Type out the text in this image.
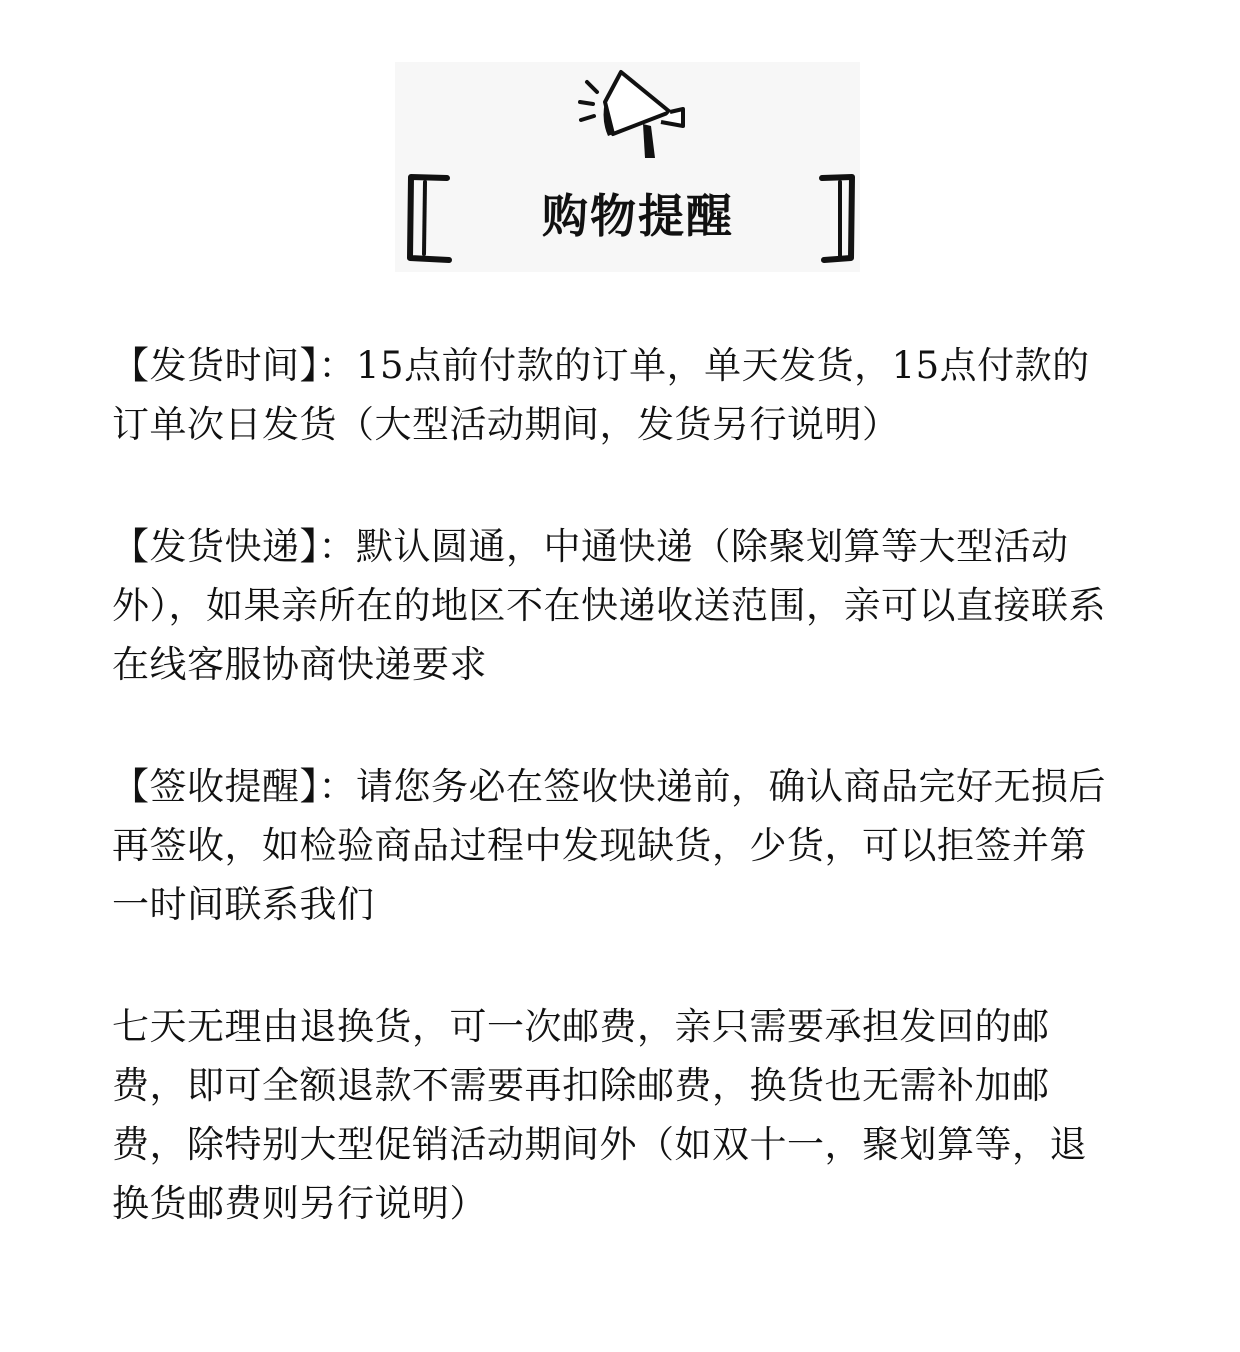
购物提醒

【发货时间】：15点前付款的订单，单天发货，15点付款的订单次日发货（大型活动期间，发货另行说明）

【发货快递】：默认圆通，中通快递（除聚划算等大型活动外），如果亲所在的地区不在快递收送范围，亲可以直接联系在线客服协商快递要求

【签收提醒】：请您务必在签收快递前，确认商品完好无损后再签收，如检验商品过程中发现缺货，少货，可以拒签并第一时间联系我们

七天无理由退换货，可一次邮费，亲只需要承担发回的邮费，即可全额退款不需要再扣除邮费，换货也无需补加邮费，除特别大型促销活动期间外（如双十一，聚划算等，退换货邮费则另行说明）
